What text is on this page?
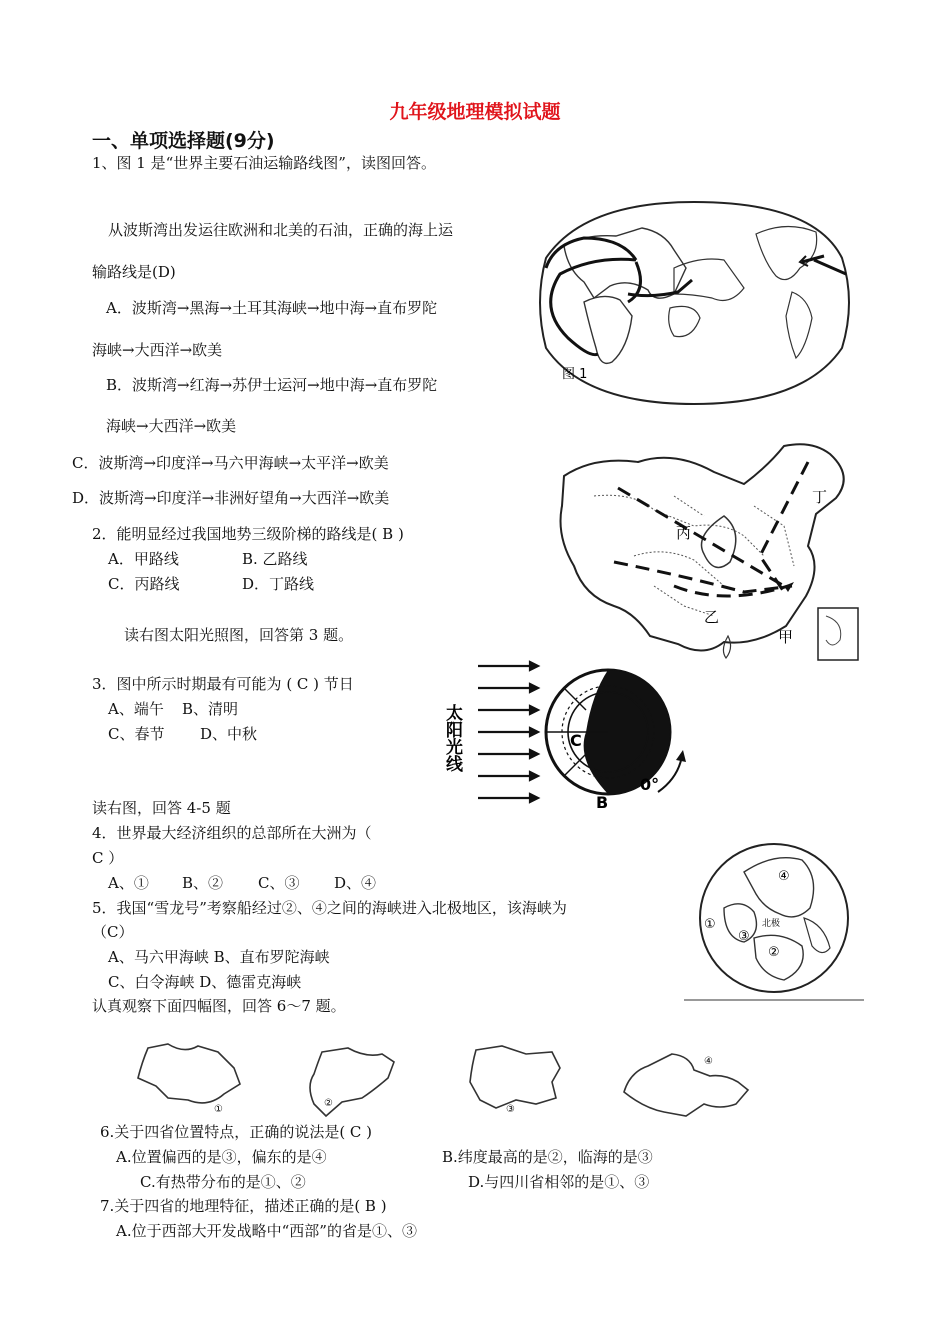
九年级地理模拟试题
一、单项选择题(9分)
1、图 1 是“世界主要石油运输路线图”，读图回答。
从波斯湾出发运往欧洲和北美的石油，正确的海上运
输路线是(D)
A．波斯湾→黑海→土耳其海峡→地中海→直布罗陀
海峡→大西洋→欧美
B．波斯湾→红海→苏伊士运河→地中海→直布罗陀
海峡→大西洋→欧美
C．波斯湾→印度洋→马六甲海峡→太平洋→欧美
D．波斯湾→印度洋→非洲好望角→大西洋→欧美
图 1
2．能明显经过我国地势三级阶梯的路线是( B )
A．甲路线	B. 乙路线
C．丙路线	D．丁路线
丙
丁
乙
甲
读右图太阳光照图，回答第 3 题。
3．图中所示时期最有可能为 ( C ) 节日
A、端午 B、清明
C、春节 D、中秋	太阳光线	C
B
0°
读右图，回答 4-5 题
4．世界最大经济组织的总部所在大洲为（
C ）
A、① B、② C、③ D、④
5．我国“雪龙号”考察船经过②、④之间的海峡进入北极地区，该海峡为
（C）
A、马六甲海峡 B、直布罗陀海峡
C、白令海峡 D、德雷克海峡
④
①
③
②
北极
认真观察下面四幅图，回答 6～7 题。
①
②
③
④
6.关于四省位置特点，正确的说法是( C )
A.位置偏西的是③，偏东的是④	B.纬度最高的是②，临海的是③
C.有热带分布的是①、②	D.与四川省相邻的是①、③
7.关于四省的地理特征，描述正确的是( B )
A.位于西部大开发战略中“西部”的省是①、③
